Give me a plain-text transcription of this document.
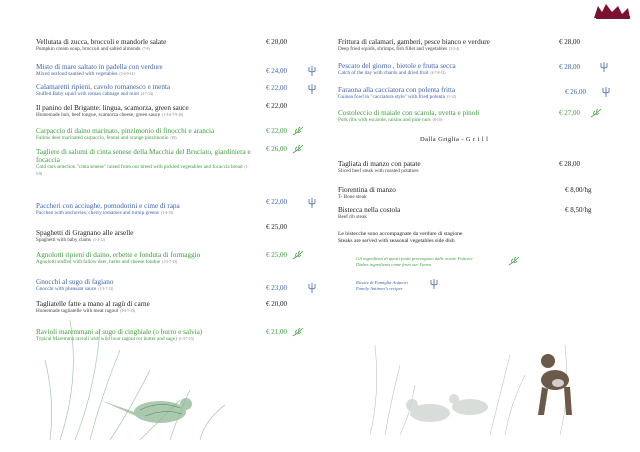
Vellutata di zucca, broccoli e mandorle salate
Pumpkin cream soup, broccoli and salted almonds (7-8)
€ 20,00
Misto di mare saltato in padella con verdure
Mixed seafood sautéed with vegetables (2-4-9-14)	€ 24,00
Calamaretti ripieni, cavolo romanesco e menta
Stuffed Baby squid with roman cabbage and mint (4-7-14)
€ 22,00
Il panino del Brigante: lingua, scamorza, green sauce
Homemade bun, beef tongue, scamorza cheese, green sauce (1-3-6-7-9-10)
€ 22,00
Carpaccio di daino marinato, pinzimonio di finocchi e arancia
Fallow deer marinated carpaccio, fennel and orange pinzimonio (10)
€ 22,00
Tagliere di salumi di cinta senese della Macchia del Bruciato, giardiniera e focaccia
Cold cuts selection "cinta senese" raised from our breed with pickled vegetables and focaccia bread (1-5-9)
€ 26,00
Paccheri con acciughe, pomodorini e cime di rapa
Pacchen with anchovies, cherry tomatoes and turnip greens (1-4-13)
€ 22,00
Spaghetti di Gragnano alle arselle
Spaghetti with baby clams (1-4-12)
€ 25,00
Agnolotti ripieni di daino, erbette e fonduta di formaggio
Agnolotti stuffed with fallow deer, herbs and cheese fondue (1-3-7-13)
€ 25,00
Gnocchi al sugo di fagiano
Gnocchi with pheasant sauce (1-3-7-13)	€ 23,00
Tagliatelle fatte a mano al ragù di carne
Homemade tagliatelle with meat ragout (1-3-7-13)
€ 20,00
Ravioli maremmani al sugo di cinghiale (o burro e salvia)
Typical Maremma ravioli with wild boar ragout (or butter and sage) (1-3-7-13)
€ 21,00
Frittura di calamari, gamberi, pesce bianco e verdure
Deep fried squids, shrimps, fish fillet and vegetables (1-2-4)
€ 28,00
Pescato del giorno , bietole e frutta secca
Catch of the day with chards and dried fruit (4-7-8-12)
€ 28,00
Faraona alla cacciatora con polenta fritta
Guinea fowl in "cacciatora style" with fried polenta (1-12)
€ 26,00
Costoleccio di maiale con scarola, uvetta e pinoli
Pork ribs with escarole, raisins and pine nuts (8-10)
€ 27,00
Dalla Griglia - G r i l l
Tagliata di manzo con patate
Sliced beef steak with roasted potatoes
€ 28,00
Fiorentina di manzo
T- Bone steak
€ 8,00/hg
Bistecca nella costola
Beef rib steak
€ 8,50/hg
Le bistecche sono accompagnate da verdure di stagione
Steaks are served with seasonal vegetables side dish
Gli ingredienti di questi piatti provengono dalle nostre Fattorie
Dishes ingredients come from our Farms
Ricette di Famiglia Antinori
Family Antinori's recipes
